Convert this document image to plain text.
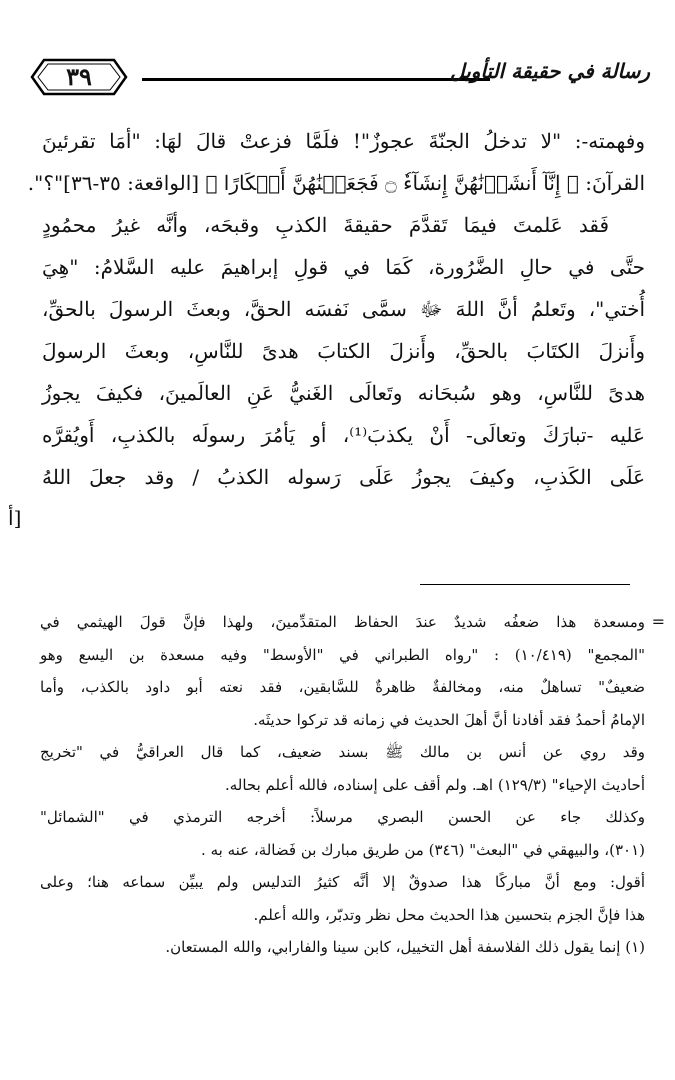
٣٩	رسالة في حقيقة التأويل
وفهمته-: "لا تدخلُ الجنّةَ عجوزٌ"! فلَمَّا فزعتْ قالَ لهَا: "أمَا تقرئينَ
القرآنَ: ﴿ إِنَّآ أَنشَأۡنَٰهُنَّ إِنشَآءٗ ۝ فَجَعَلۡنَٰهُنَّ أَبۡكَارًا ﴾ [الواقعة: ٣٥-٣٦]"؟".
فَقد عَلمتَ فيمَا تَقدَّمَ حقيقةَ الكذبِ وقبحَه، وأنَّه غيرُ محمُودٍ
حتَّى في حالِ الضَّرُورة، كَمَا في قولِ إبراهيمَ عليه السَّلامُ: "هِيَ
أُختي"، وتَعلمُ أنَّ اللهَ ﷻ سمَّى نَفسَه الحقَّ، وبعثَ الرسولَ بالحقِّ،
وأَنزلَ الكتَابَ بالحقِّ، وأَنزلَ الكتابَ هدىً للنَّاسِ، وبعثَ الرسولَ
هدىً للنَّاسِ، وهو سُبحَانه وتَعالَى الغَنيُّ عَنِ العالَمينَ، فكيفَ يجوزُ
عَليه -تبارَكَ وتعالَى- أَنْ يكذبَ⁽¹⁾، أو يَأمُرَ رسولَه بالكذبِ، أَويُقرَّه
عَلَى الكَذبِ، وكيفَ يجوزُ عَلَى رَسوله الكذبُ / وقد جعلَ اللهُ
أ]
=
ومسعدة هذا ضعفُه شديدٌ عندَ الحفاظ المتقدِّمينَ، ولهذا فإنَّ قولَ الهيثمي في
"المجمع" (١٠/٤١٩) : "رواه الطبراني في "الأوسط" وفيه مسعدة بن اليسع وهو
ضعيفٌ" تساهلٌ منه، ومخالفةٌ ظاهرةٌ للسَّابقين، فقد نعته أبو داود بالكذب، وأما
الإمامُ أحمدُ فقد أفادنا أنَّ أهلَ الحديث في زمانه قد تركوا حديثَه.
وقد روي عن أنس بن مالك ﷺ بسند ضعيف، كما قال العراقيُّ في "تخريج
أحاديث الإحياء" (١٢٩/٣) اهـ. ولم أقف على إسناده، فالله أعلم بحاله.
وكذلك جاء عن الحسن البصري مرسلاً: أخرجه الترمذي في "الشمائل"
(٣٠١)، والبيهقي في "البعث" (٣٤٦) من طريق مبارك بن فَضالة، عنه به .
أقول: ومع أنَّ مباركًا هذا صدوقٌ إلا أنَّه كثيرُ التدليس ولم يبيِّن سماعه هنا؛ وعلى
هذا فإنَّ الجزم بتحسين هذا الحديث محل نظر وتدبّر، والله أعلم.
(١) إنما يقول ذلك الفلاسفة أهل التخييل، كابن سينا والفارابي، والله المستعان.
